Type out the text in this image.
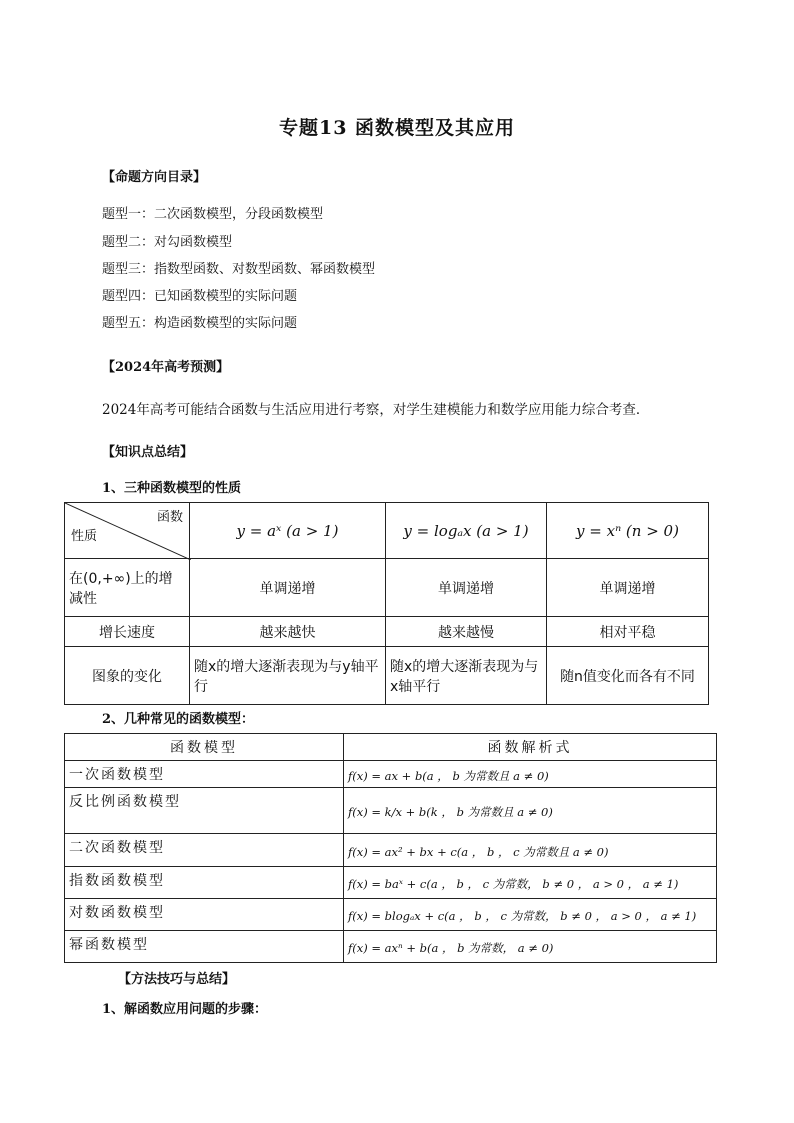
专题13 函数模型及其应用
【命题方向目录】
题型一：二次函数模型，分段函数模型
题型二：对勾函数模型
题型三：指数型函数、对数型函数、幂函数模型
题型四：已知函数模型的实际问题
题型五：构造函数模型的实际问题
【2024年高考预测】
2024年高考可能结合函数与生活应用进行考察，对学生建模能力和数学应用能力综合考查．
【知识点总结】
1、三种函数模型的性质
函数
性质	y = aˣ (a > 1)	y = logₐx (a > 1)	y = xⁿ (n > 0)
在(0,+∞)上的增减性	单调递增	单调递增	单调递增
增长速度	越来越快	越来越慢	相对平稳
图象的变化	随x的增大逐渐表现为与y轴平行	随x的增大逐渐表现为与x轴平行	随n值变化而各有不同
2、几种常见的函数模型：
函数模型	函数解析式
一次函数模型	f(x) = ax + b(a ， b 为常数且 a ≠ 0)
反比例函数模型	f(x) = k/x + b(k ， b 为常数且 a ≠ 0)
二次函数模型	f(x) = ax² + bx + c(a ， b ， c 为常数且 a ≠ 0)
指数函数模型	f(x) = baˣ + c(a ， b ， c 为常数， b ≠ 0 ， a > 0 ， a ≠ 1)
对数函数模型	f(x) = blogₐx + c(a ， b ， c 为常数， b ≠ 0 ， a > 0 ， a ≠ 1)
幂函数模型	f(x) = axⁿ + b(a ， b 为常数， a ≠ 0)
【方法技巧与总结】
1、解函数应用问题的步骤：
